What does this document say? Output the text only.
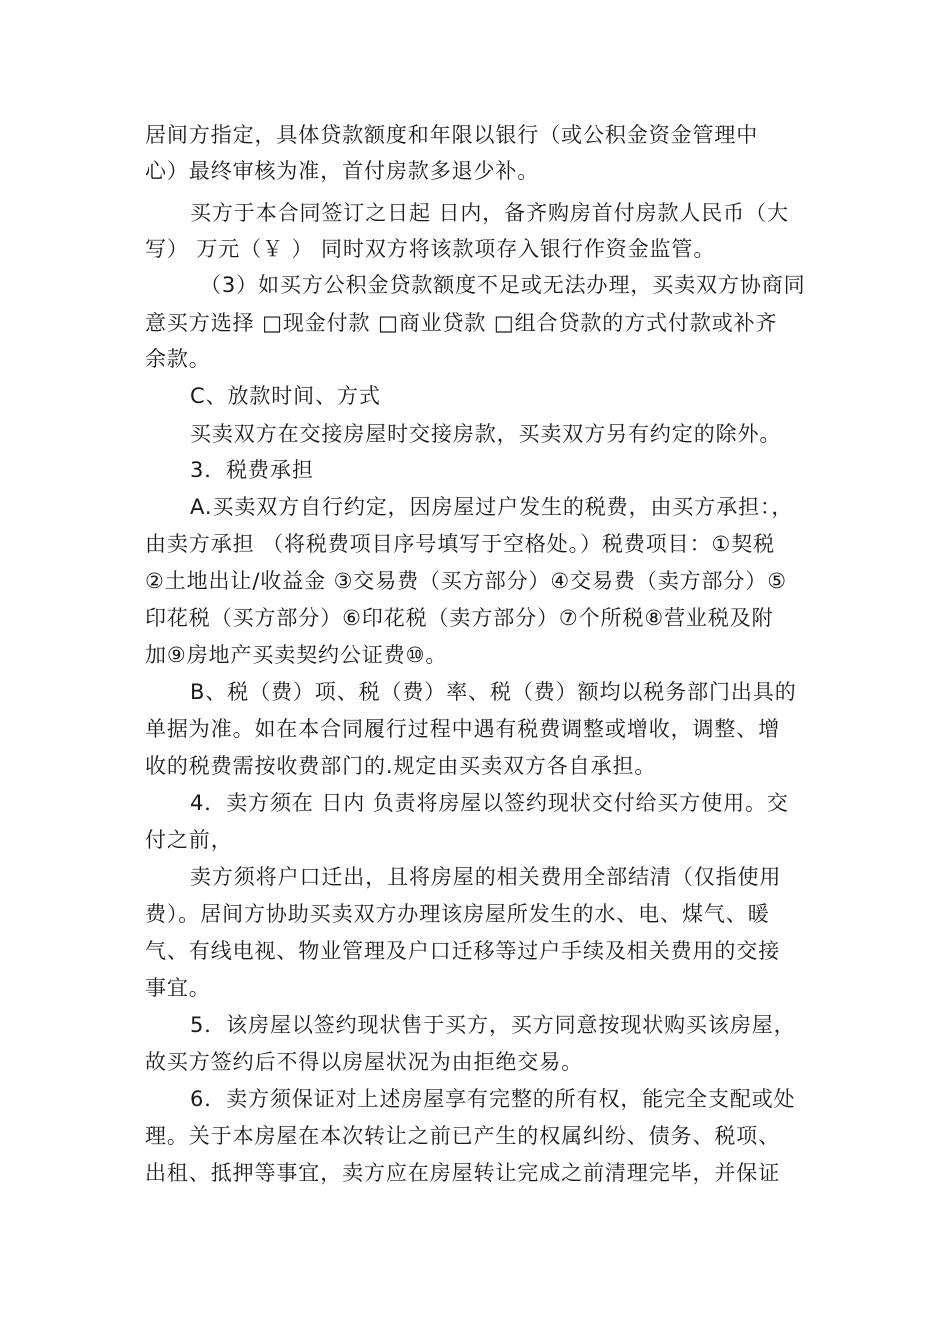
居间方指定，具体贷款额度和年限以银行（或公积金资金管理中
心）最终审核为准，首付房款多退少补。
买方于本合同签订之日起 日内，备齐购房首付房款人民币（大
写） 万元（￥ ） 同时双方将该款项存入银行作资金监管。
（3）如买方公积金贷款额度不足或无法办理，买卖双方协商同
意买方选择 □现金付款 □商业贷款 □组合贷款的方式付款或补齐
余款。
C、放款时间、方式
买卖双方在交接房屋时交接房款，买卖双方另有约定的除外。
3．税费承担
A.买卖双方自行约定，因房屋过户发生的税费，由买方承担：，
由卖方承担 （将税费项目序号填写于空格处。）税费项目：①契税
②土地出让/收益金 ③交易费（买方部分）④交易费（卖方部分）⑤
印花税（买方部分）⑥印花税（卖方部分）⑦个所税⑧营业税及附
加⑨房地产买卖契约公证费⑩。
B、税（费）项、税（费）率、税（费）额均以税务部门出具的
单据为准。如在本合同履行过程中遇有税费调整或增收，调整、增
收的税费需按收费部门的.规定由买卖双方各自承担。
4．卖方须在 日内 负责将房屋以签约现状交付给买方使用。交
付之前，
卖方须将户口迁出，且将房屋的相关费用全部结清（仅指使用
费）。居间方协助买卖双方办理该房屋所发生的水、电、煤气、暖
气、有线电视、物业管理及户口迁移等过户手续及相关费用的交接
事宜。
5．该房屋以签约现状售于买方，买方同意按现状购买该房屋，
故买方签约后不得以房屋状况为由拒绝交易。
6．卖方须保证对上述房屋享有完整的所有权，能完全支配或处
理。关于本房屋在本次转让之前已产生的权属纠纷、债务、税项、
出租、抵押等事宜，卖方应在房屋转让完成之前清理完毕，并保证
